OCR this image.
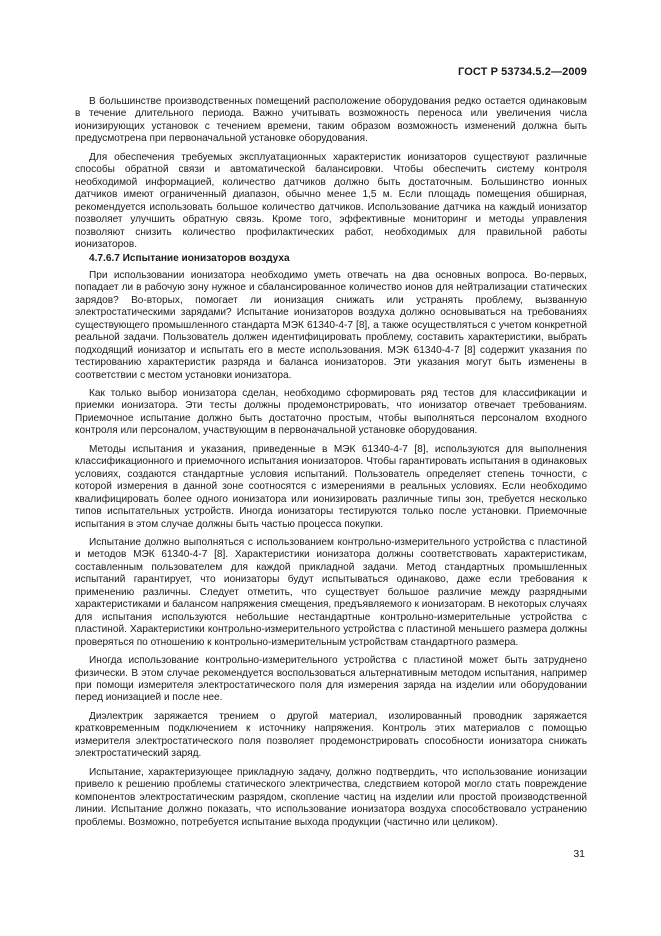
ГОСТ Р 53734.5.2—2009

В большинстве производственных помещений расположение оборудования редко остается одинаковым в течение длительного периода. Важно учитывать возможность переноса или увеличения числа ионизирующих установок с течением времени, таким образом возможность изменений должна быть предусмотрена при первоначальной установке оборудования.

Для обеспечения требуемых эксплуатационных характеристик ионизаторов существуют различные способы обратной связи и автоматической балансировки. Чтобы обеспечить систему контроля необходимой информацией, количество датчиков должно быть достаточным. Большинство ионных датчиков имеют ограниченный диапазон, обычно менее 1,5 м. Если площадь помещения обширная, рекомендуется использовать большое количество датчиков. Использование датчика на каждый ионизатор позволяет улучшить обратную связь. Кроме того, эффективные мониторинг и методы управления позволяют снизить количество профилактических работ, необходимых для правильной работы ионизаторов.

4.7.6.7 Испытание ионизаторов воздуха

При использовании ионизатора необходимо уметь отвечать на два основных вопроса. Во-первых, попадает ли в рабочую зону нужное и сбалансированное количество ионов для нейтрализации статических зарядов? Во-вторых, помогает ли ионизация снижать или устранять проблему, вызванную электростатическими зарядами? Испытание ионизаторов воздуха должно основываться на требованиях существующего промышленного стандарта МЭК 61340-4-7 [8], а также осуществляться с учетом конкретной реальной задачи. Пользователь должен идентифицировать проблему, составить характеристики, выбрать подходящий ионизатор и испытать его в месте использования. МЭК 61340-4-7 [8] содержит указания по тестированию характеристик разряда и баланса ионизаторов. Эти указания могут быть изменены в соответствии с местом установки ионизатора.

Как только выбор ионизатора сделан, необходимо сформировать ряд тестов для классификации и приемки ионизатора. Эти тесты должны продемонстрировать, что ионизатор отвечает требованиям. Приемочное испытание должно быть достаточно простым, чтобы выполняться персоналом входного контроля или персоналом, участвующим в первоначальной установке оборудования.

Методы испытания и указания, приведенные в МЭК 61340-4-7 [8], используются для выполнения классификационного и приемочного испытания ионизаторов. Чтобы гарантировать испытания в одинаковых условиях, создаются стандартные условия испытаний. Пользователь определяет степень точности, с которой измерения в данной зоне соотносятся с измерениями в реальных условиях. Если необходимо квалифицировать более одного ионизатора или ионизировать различные типы зон, требуется несколько типов испытательных устройств. Иногда ионизаторы тестируются только после установки. Приемочные испытания в этом случае должны быть частью процесса покупки.

Испытание должно выполняться с использованием контрольно-измерительного устройства с пластиной и методов МЭК 61340-4-7 [8]. Характеристики ионизатора должны соответствовать характеристикам, составленным пользователем для каждой прикладной задачи. Метод стандартных промышленных испытаний гарантирует, что ионизаторы будут испытываться одинаково, даже если требования к применению различны. Следует отметить, что существует большое различие между разрядными характеристиками и балансом напряжения смещения, предъявляемого к ионизаторам. В некоторых случаях для испытания используются небольшие нестандартные контрольно-измерительные устройства с пластиной. Характеристики контрольно-измерительного устройства с пластиной меньшего размера должны проверяться по отношению к контрольно-измерительным устройствам стандартного размера.

Иногда использование контрольно-измерительного устройства с пластиной может быть затруднено физически. В этом случае рекомендуется воспользоваться альтернативным методом испытания, например при помощи измерителя электростатического поля для измерения заряда на изделии или оборудовании перед ионизацией и после нее.

Диэлектрик заряжается трением о другой материал, изолированный проводник заряжается кратковременным подключением к источнику напряжения. Контроль этих материалов с помощью измерителя электростатического поля позволяет продемонстрировать способности ионизатора снижать электростатический заряд.

Испытание, характеризующее прикладную задачу, должно подтвердить, что использование ионизации привело к решению проблемы статического электричества, следствием которой могло стать повреждение компонентов электростатическим разрядом, скопление частиц на изделии или простой производственной линии. Испытание должно показать, что использование ионизатора воздуха способствовало устранению проблемы. Возможно, потребуется испытание выхода продукции (частично или целиком).

31
